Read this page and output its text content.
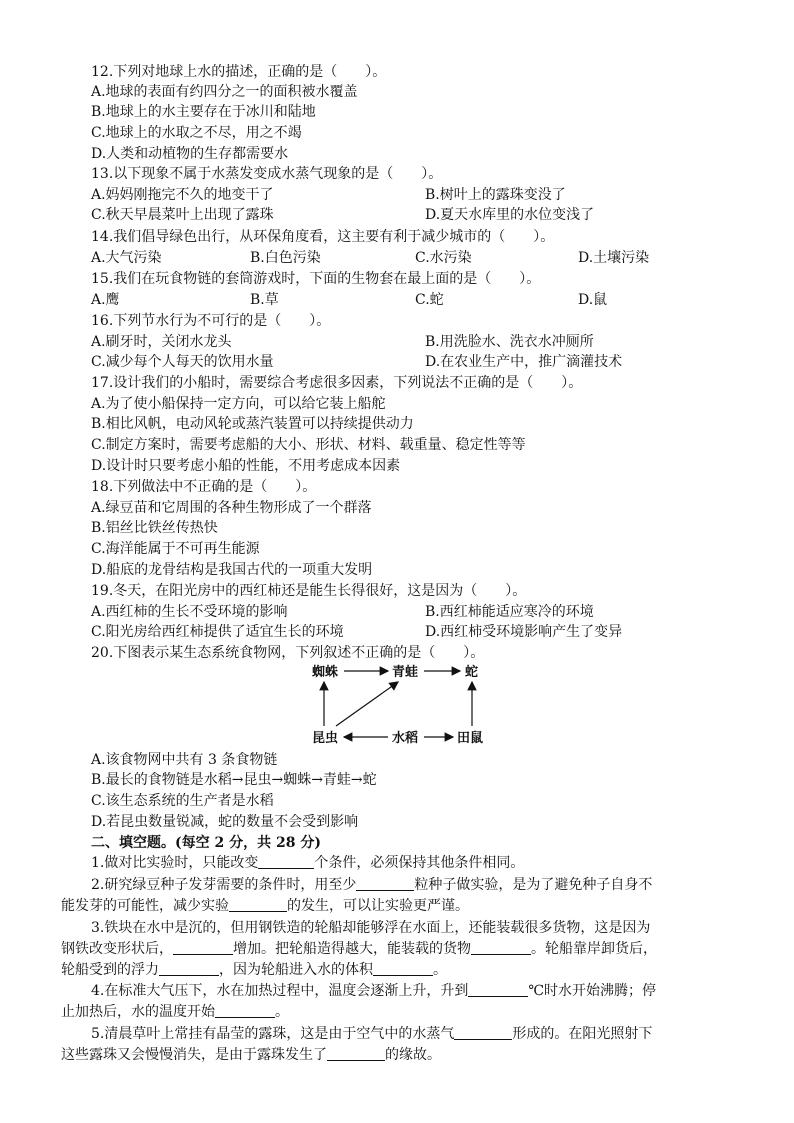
12.下列对地球上水的描述，正确的是（　　）。
A.地球的表面有约四分之一的面积被水覆盖
B.地球上的水主要存在于冰川和陆地
C.地球上的水取之不尽，用之不竭
D.人类和动植物的生存都需要水
13.以下现象不属于水蒸发变成水蒸气现象的是（　　）。
A.妈妈刚拖完不久的地变干了	B.树叶上的露珠变没了
C.秋天早晨菜叶上出现了露珠	D.夏天水库里的水位变浅了
14.我们倡导绿色出行，从环保角度看，这主要有利于减少城市的（　　）。
A.大气污染	B.白色污染	C.水污染	D.土壤污染
15.我们在玩食物链的套筒游戏时，下面的生物套在最上面的是（　　）。
A.鹰	B.草	C.蛇	D.鼠
16.下列节水行为不可行的是（　　）。
A.刷牙时，关闭水龙头	B.用洗脸水、洗衣水冲厕所
C.减少每个人每天的饮用水量	D.在农业生产中，推广滴灌技术
17.设计我们的小船时，需要综合考虑很多因素，下列说法不正确的是（　　）。
A.为了使小船保持一定方向，可以给它装上船舵
B.相比风帆，电动风轮或蒸汽装置可以持续提供动力
C.制定方案时，需要考虑船的大小、形状、材料、载重量、稳定性等等
D.设计时只要考虑小船的性能，不用考虑成本因素
18.下列做法中不正确的是（　　）。
A.绿豆苗和它周围的各种生物形成了一个群落
B.铝丝比铁丝传热快
C.海洋能属于不可再生能源
D.船底的龙骨结构是我国古代的一项重大发明
19.冬天，在阳光房中的西红柿还是能生长得很好，这是因为（　　）。
A.西红柿的生长不受环境的影响	B.西红柿能适应寒冷的环境
C.阳光房给西红柿提供了适宜生长的环境	D.西红柿受环境影响产生了变异
20.下图表示某生态系统食物网，下列叙述不正确的是（　　）。
蜘蛛	青蛙	蛇
昆虫	水稻	田鼠
A.该食物网中共有 3 条食物链
B.最长的食物链是水稻→昆虫→蜘蛛→青蛙→蛇
C.该生态系统的生产者是水稻
D.若昆虫数量锐减，蛇的数量不会受到影响
二、填空题。(每空 2 分，共 28 分)
1.做对比实验时，只能改变	个条件，必须保持其他条件相同。
2.研究绿豆种子发芽需要的条件时，用至少	粒种子做实验，是为了避免种子自身不
能发芽的可能性，减少实验	的发生，可以让实验更严谨。
3.铁块在水中是沉的，但用钢铁造的轮船却能够浮在水面上，还能装载很多货物，这是因为
钢铁改变形状后，	增加。把轮船造得越大，能装载的货物	。轮船靠岸卸货后，
轮船受到的浮力	，因为轮船进入水的体积	。
4.在标准大气压下，水在加热过程中，温度会逐渐上升，升到	℃时水开始沸腾；停
止加热后，水的温度开始	。
5.清晨草叶上常挂有晶莹的露珠，这是由于空气中的水蒸气	形成的。在阳光照射下
这些露珠又会慢慢消失，是由于露珠发生了	的缘故。
